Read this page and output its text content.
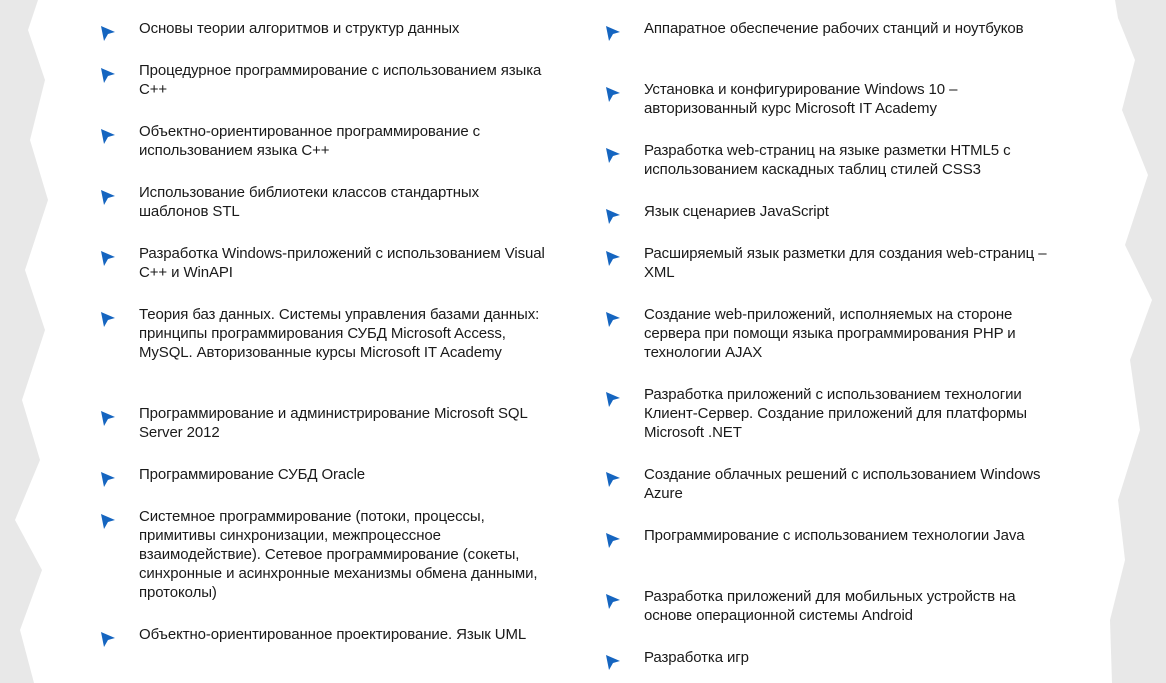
Основы теории алгоритмов и структур данных
Процедурное программирование с использованием языка C++
Объектно-ориентированное программирование с использованием языка C++
Использование библиотеки классов стандартных шаблонов STL
Разработка Windows-приложений с использованием Visual C++ и WinAPI
Теория баз данных. Системы управления базами данных: принципы программирования СУБД Microsoft Access, MySQL. Авторизованные курсы Microsoft IT Academy
Программирование и администрирование Microsoft SQL Server 2012
Программирование СУБД Oracle
Системное программирование (потоки, процессы, примитивы синхронизации, межпроцессное взаимодействие). Сетевое программирование (сокеты, синхронные и асинхронные механизмы обмена данными, протоколы)
Объектно-ориентированное проектирование. Язык UML
Аппаратное обеспечение рабочих станций и ноутбуков
Установка и конфигурирование Windows 10 – авторизованный курс Microsoft IT Academy
Разработка web-страниц на языке разметки HTML5 с использованием каскадных таблиц стилей CSS3
Язык сценариев JavaScript
Расширяемый язык разметки для создания web-страниц – XML
Создание web-приложений, исполняемых на стороне сервера при помощи языка программирования PHP и технологии AJAX
Разработка приложений с использованием технологии Клиент-Сервер. Создание приложений для платформы Microsoft .NET
Создание облачных решений с использованием Windows Azure
Программирование с использованием технологии Java
Разработка приложений для мобильных устройств на основе операционной системы Android
Разработка игр
